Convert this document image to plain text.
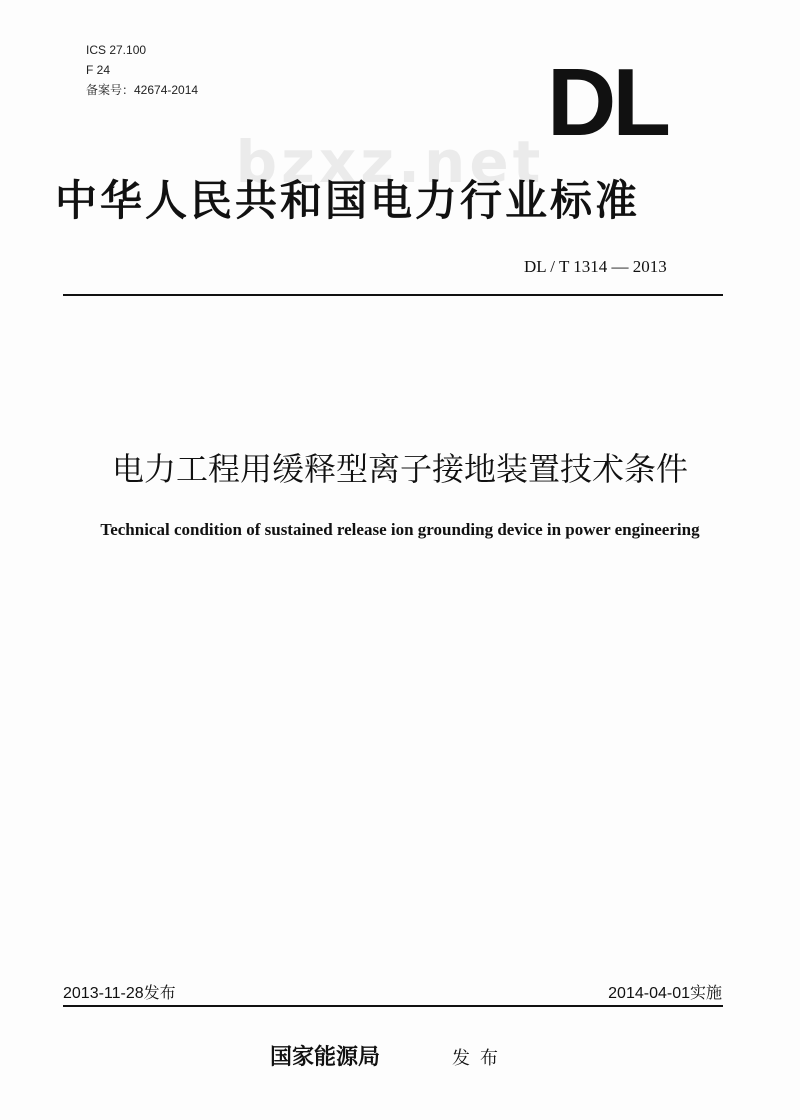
ICS 27.100
F 24
备案号：42674-2014	DL
bzxz.net
中华人民共和国电力行业标准
DL / T 1314 — 2013
电力工程用缓释型离子接地装置技术条件
Technical condition of sustained release ion grounding device in power engineering
2013-11-28发布	2014-04-01实施
国家能源局	发布
